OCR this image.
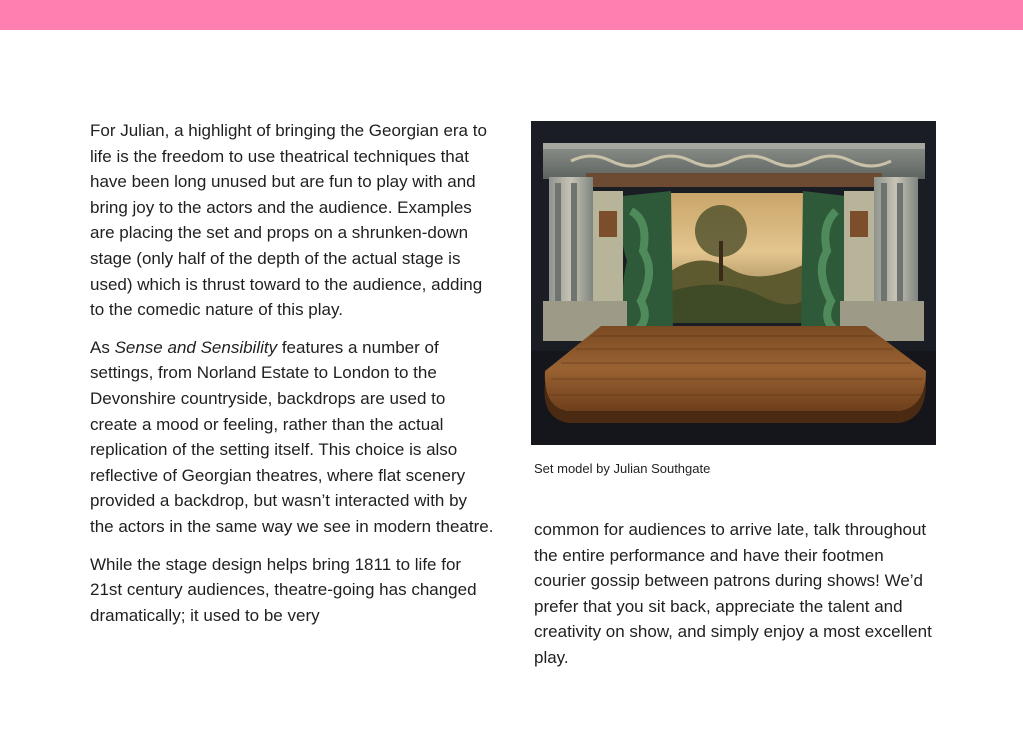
For Julian, a highlight of bringing the Georgian era to life is the freedom to use theatrical techniques that have been long unused but are fun to play with and bring joy to the actors and the audience. Examples are placing the set and props on a shrunken-down stage (only half of the depth of the actual stage is used) which is thrust toward to the audience, adding to the comedic nature of this play.

As Sense and Sensibility features a number of settings, from Norland Estate to London to the Devonshire countryside, backdrops are used to create a mood or feeling, rather than the actual replication of the setting itself. This choice is also reflective of Georgian theatres, where flat scenery provided a backdrop, but wasn’t interacted with by the actors in the same way we see in modern theatre.

While the stage design helps bring 1811 to life for 21st century audiences, theatre-going has changed dramatically; it used to be very

Set model by Julian Southgate

common for audiences to arrive late, talk throughout the entire performance and have their footmen courier gossip between patrons during shows! We’d prefer that you sit back, appreciate the talent and creativity on show, and simply enjoy a most excellent play.
